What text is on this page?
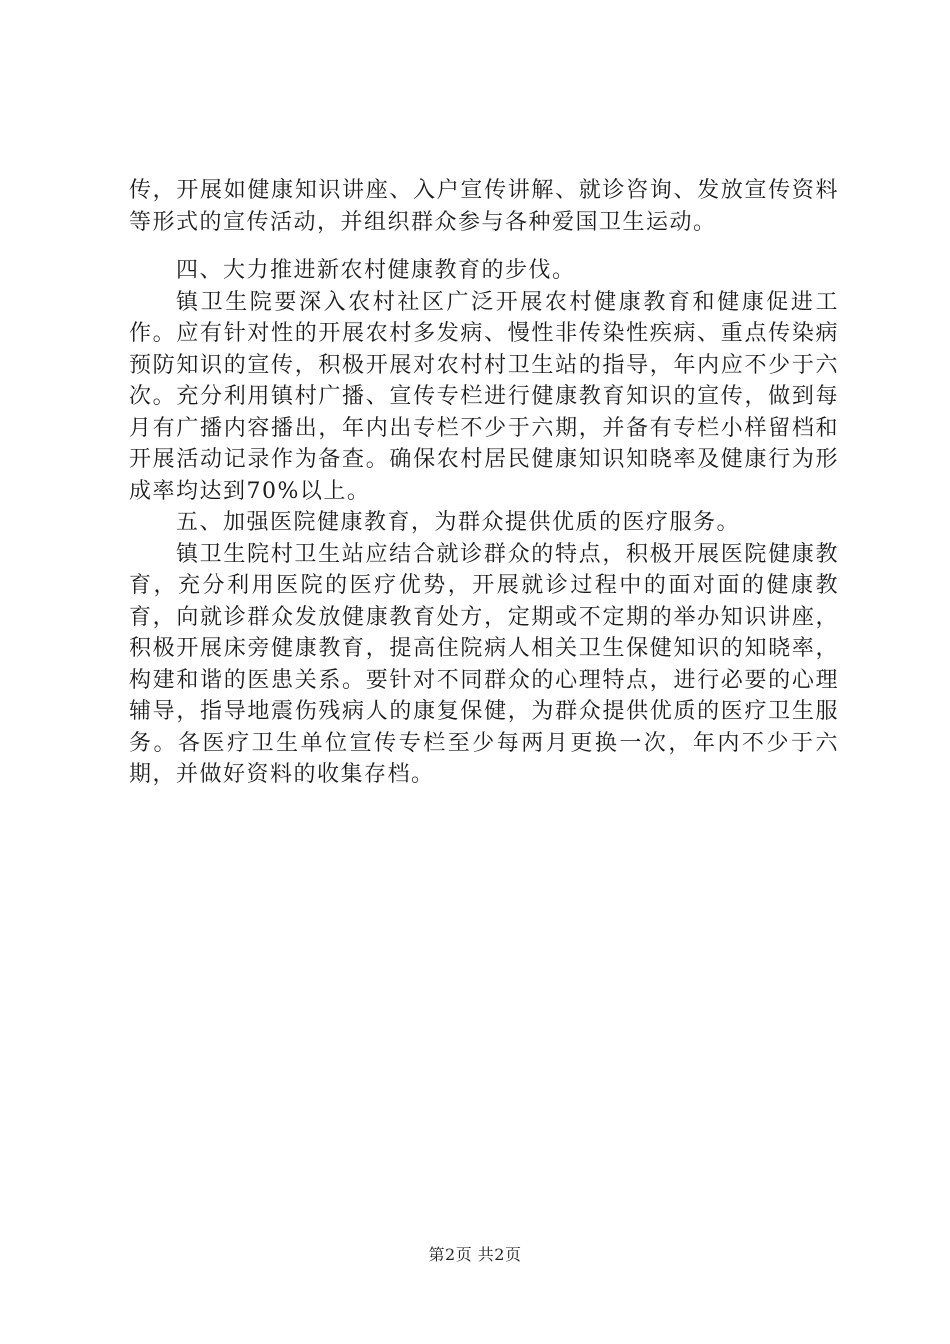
传，开展如健康知识讲座、入户宣传讲解、就诊咨询、发放宣传资料等形式的宣传活动，并组织群众参与各种爱国卫生运动。

四、大力推进新农村健康教育的步伐。

镇卫生院要深入农村社区广泛开展农村健康教育和健康促进工作。应有针对性的开展农村多发病、慢性非传染性疾病、重点传染病预防知识的宣传，积极开展对农村村卫生站的指导，年内应不少于六次。充分利用镇村广播、宣传专栏进行健康教育知识的宣传，做到每月有广播内容播出，年内出专栏不少于六期，并备有专栏小样留档和开展活动记录作为备查。确保农村居民健康知识知晓率及健康行为形成率均达到70%以上。

五、加强医院健康教育，为群众提供优质的医疗服务。

镇卫生院村卫生站应结合就诊群众的特点，积极开展医院健康教育，充分利用医院的医疗优势，开展就诊过程中的面对面的健康教育，向就诊群众发放健康教育处方，定期或不定期的举办知识讲座，积极开展床旁健康教育，提高住院病人相关卫生保健知识的知晓率，构建和谐的医患关系。要针对不同群众的心理特点，进行必要的心理辅导，指导地震伤残病人的康复保健，为群众提供优质的医疗卫生服务。各医疗卫生单位宣传专栏至少每两月更换一次，年内不少于六期，并做好资料的收集存档。

第2页 共2页
